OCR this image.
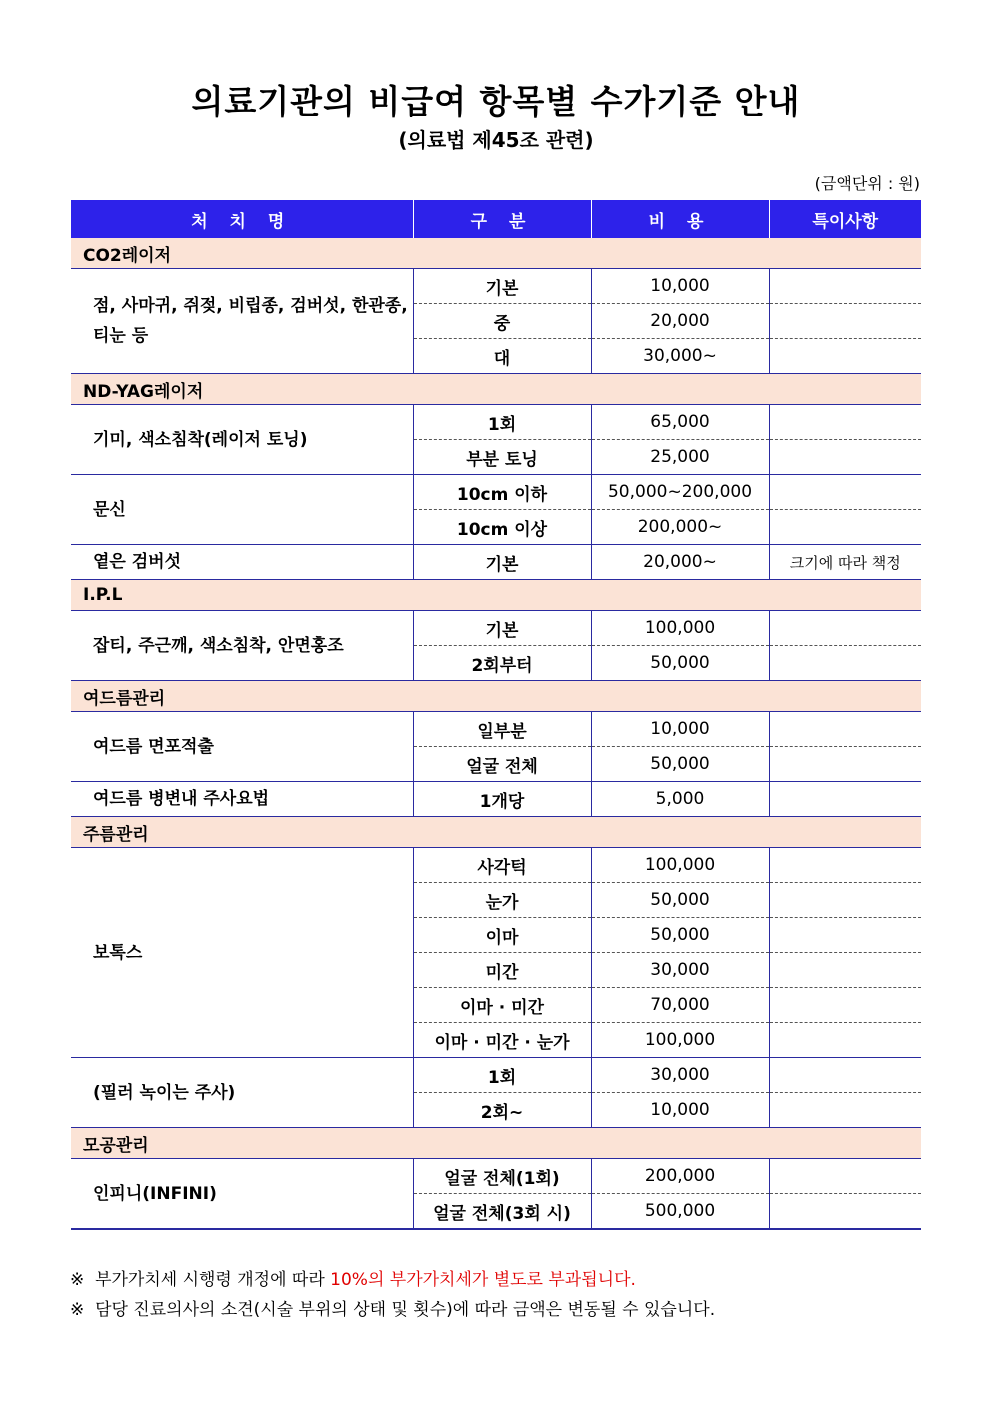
의료기관의 비급여 항목별 수가기준 안내
(의료법 제45조 관련)
(금액단위 : 원)
처 치 명	구 분	비 용	특이사항
CO2레이저			
점, 사마귀, 쥐젖, 비립종, 검버섯, 한관종, 티눈 등	기본	10,000	
	중	20,000	
	대	30,000~	
ND-YAG레이저			
기미, 색소침착(레이저 토닝)	1회	65,000	
	부분 토닝	25,000	
문신	10cm 이하	50,000~200,000	
	10cm 이상	200,000~	
옅은 검버섯	기본	20,000~	크기에 따라 책정
I.P.L			
잡티, 주근깨, 색소침착, 안면홍조	기본	100,000	
	2회부터	50,000	
여드름관리			
여드름 면포적출	일부분	10,000	
	얼굴 전체	50,000	
여드름 병변내 주사요법	1개당	5,000	
주름관리			
보톡스	사각턱	100,000	
	눈가	50,000	
	이마	50,000	
	미간	30,000	
	이마 · 미간	70,000	
	이마 · 미간 · 눈가	100,000	
(필러 녹이는 주사)	1회	30,000	
	2회~	10,000	
모공관리			
인피니(INFINI)	얼굴 전체(1회)	200,000	
	얼굴 전체(3회 시)	500,000	
※ 부가가치세 시행령 개정에 따라 10%의 부가가치세가 별도로 부과됩니다.
※ 담당 진료의사의 소견(시술 부위의 상태 및 횟수)에 따라 금액은 변동될 수 있습니다.
